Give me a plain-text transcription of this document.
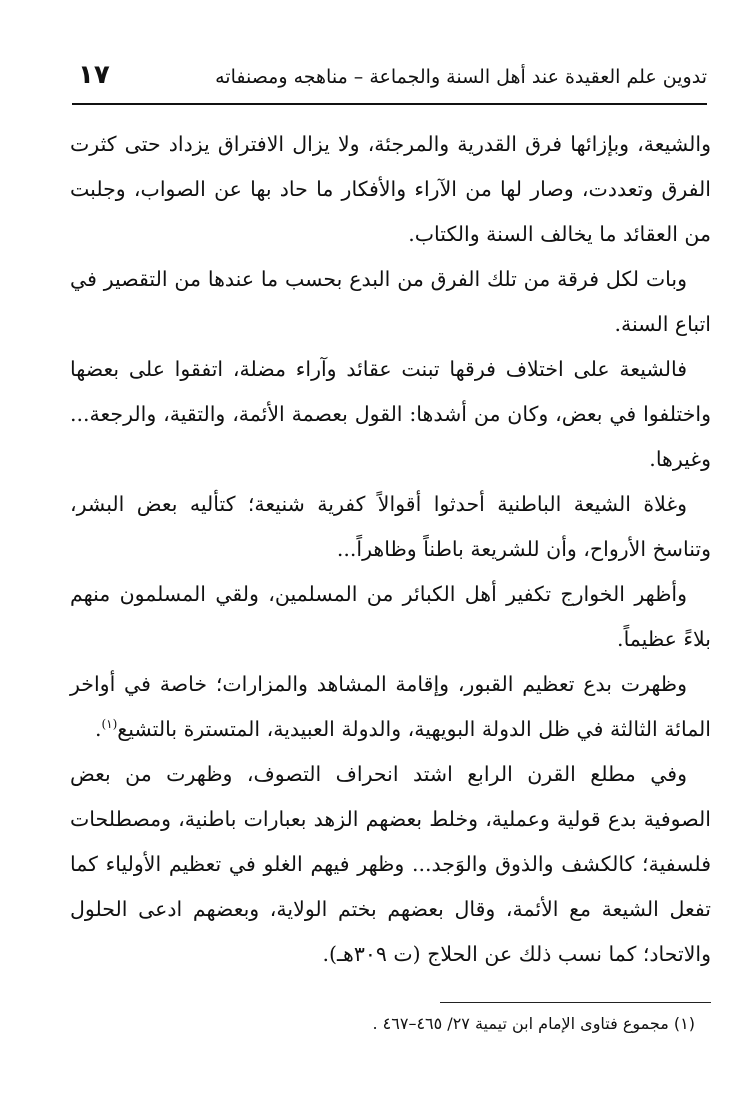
تدوين علم العقيدة عند أهل السنة والجماعة – مناهجه ومصنفاته
١٧

والشيعة، وبإزائها فرق القدرية والمرجئة، ولا يزال الافتراق يزداد حتى كثرت الفرق وتعددت، وصار لها من الآراء والأفكار ما حاد بها عن الصواب، وجلبت من العقائد ما يخالف السنة والكتاب.

وبات لكل فرقة من تلك الفرق من البدع بحسب ما عندها من التقصير في اتباع السنة.

فالشيعة على اختلاف فرقها تبنت عقائد وآراء مضلة، اتفقوا على بعضها واختلفوا في بعض، وكان من أشدها: القول بعصمة الأئمة، والتقية، والرجعة... وغيرها.

وغلاة الشيعة الباطنية أحدثوا أقوالاً كفرية شنيعة؛ كتأليه بعض البشر، وتناسخ الأرواح، وأن للشريعة باطناً وظاهراً...

وأظهر الخوارج تكفير أهل الكبائر من المسلمين، ولقي المسلمون منهم بلاءً عظيماً.

وظهرت بدع تعظيم القبور، وإقامة المشاهد والمزارات؛ خاصة في أواخر المائة الثالثة في ظل الدولة البويهية، والدولة العبيدية، المتسترة بالتشيع$^{(١)}$.

وفي مطلع القرن الرابع اشتد انحراف التصوف، وظهرت من بعض الصوفية بدع قولية وعملية، وخلط بعضهم الزهد بعبارات باطنية، ومصطلحات فلسفية؛ كالكشف والذوق والوَجد... وظهر فيهم الغلو في تعظيم الأولياء كما تفعل الشيعة مع الأئمة، وقال بعضهم بختم الولاية، وبعضهم ادعى الحلول والاتحاد؛ كما نسب ذلك عن الحلاج (ت ٣٠٩هـ).

(١) مجموع فتاوى الإمام ابن تيمية ٢٧/ ٤٦٥–٤٦٧ .
